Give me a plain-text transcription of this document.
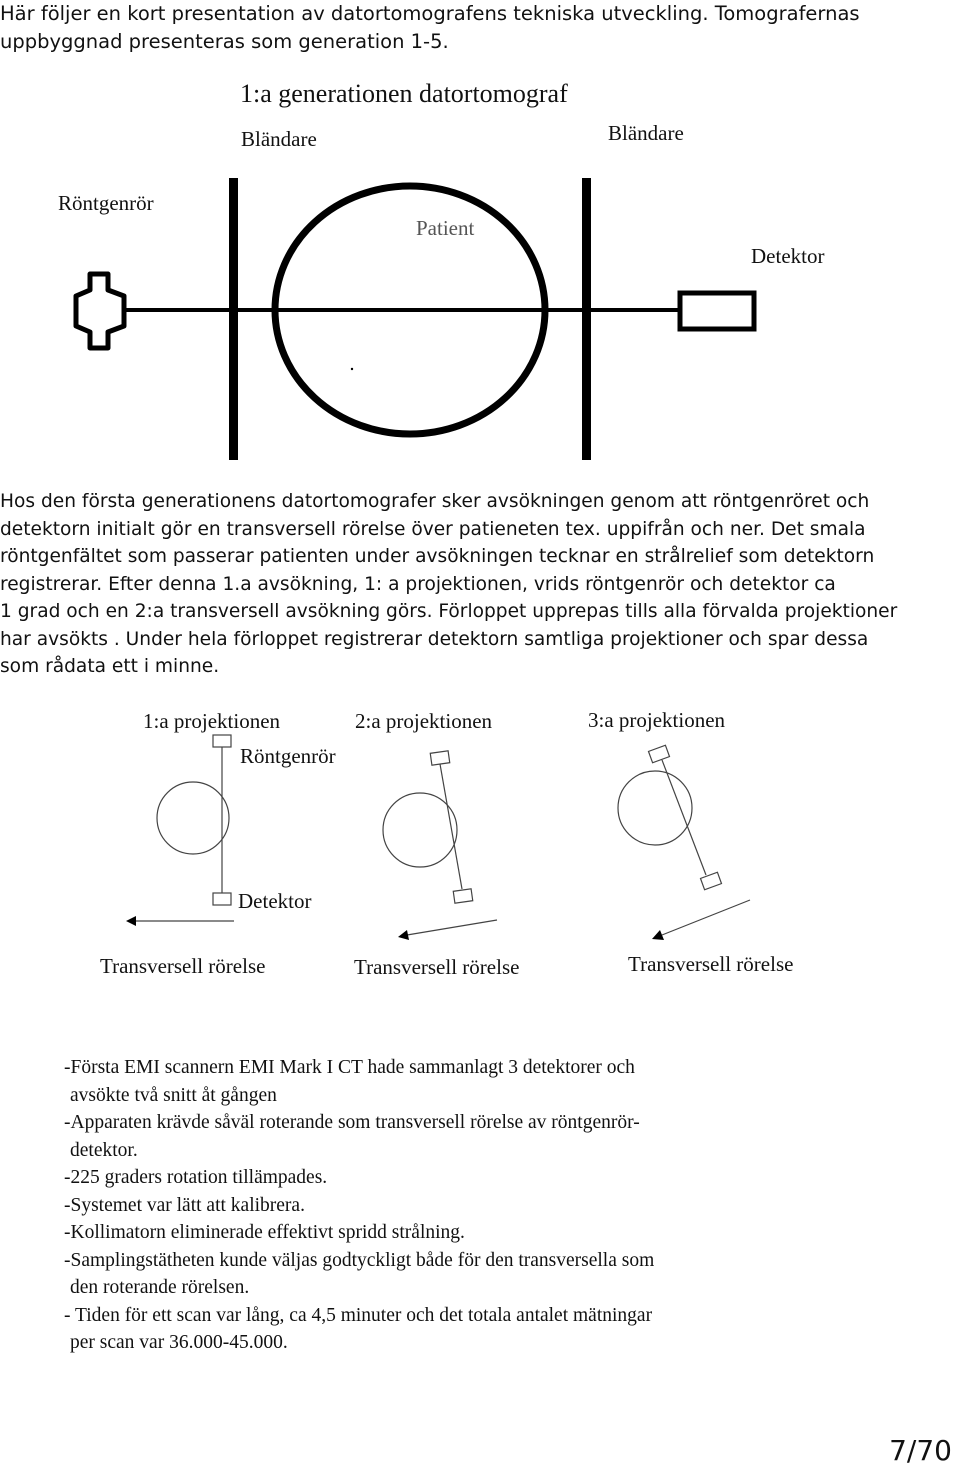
Här följer en kort presentation av datortomografens tekniska utveckling. Tomografernas
uppbyggnad presenteras som generation 1-5.
1:a generationen datortomograf
Bländare	Bländare
Röntgenrör
Patient
Detektor
Hos den första generationens datortomografer sker avsökningen genom att röntgenröret och
detektorn initialt gör en transversell rörelse över patieneten tex. uppifrån och ner. Det smala
röntgenfältet som passerar patienten under avsökningen tecknar en strålrelief som detektorn
registrerar. Efter denna 1.a avsökning, 1: a projektionen, vrids röntgenrör och detektor ca
1 grad och en 2:a transversell avsökning görs. Förloppet upprepas tills alla förvalda projektioner
har avsökts . Under hela förloppet registrerar detektorn samtliga projektioner och spar dessa
som rådata ett i minne.
1:a projektionen	2:a projektionen	3:a projektionen
Röntgenrör
Detektor
Transversell rörelse	Transversell rörelse	Transversell rörelse
-Första EMI scannern EMI Mark I CT hade sammanlagt 3 detektorer och
avsökte två snitt åt gången
-Apparaten krävde såväl roterande som transversell rörelse av röntgenrör-
detektor.
-225 graders rotation tillämpades.
-Systemet var lätt att kalibrera.
-Kollimatorn eliminerade effektivt spridd strålning.
-Samplingstätheten kunde väljas godtyckligt både för den transversella som
den roterande rörelsen.
- Tiden för ett scan var lång, ca 4,5 minuter och det totala antalet mätningar
per scan var 36.000-45.000.
7/70
